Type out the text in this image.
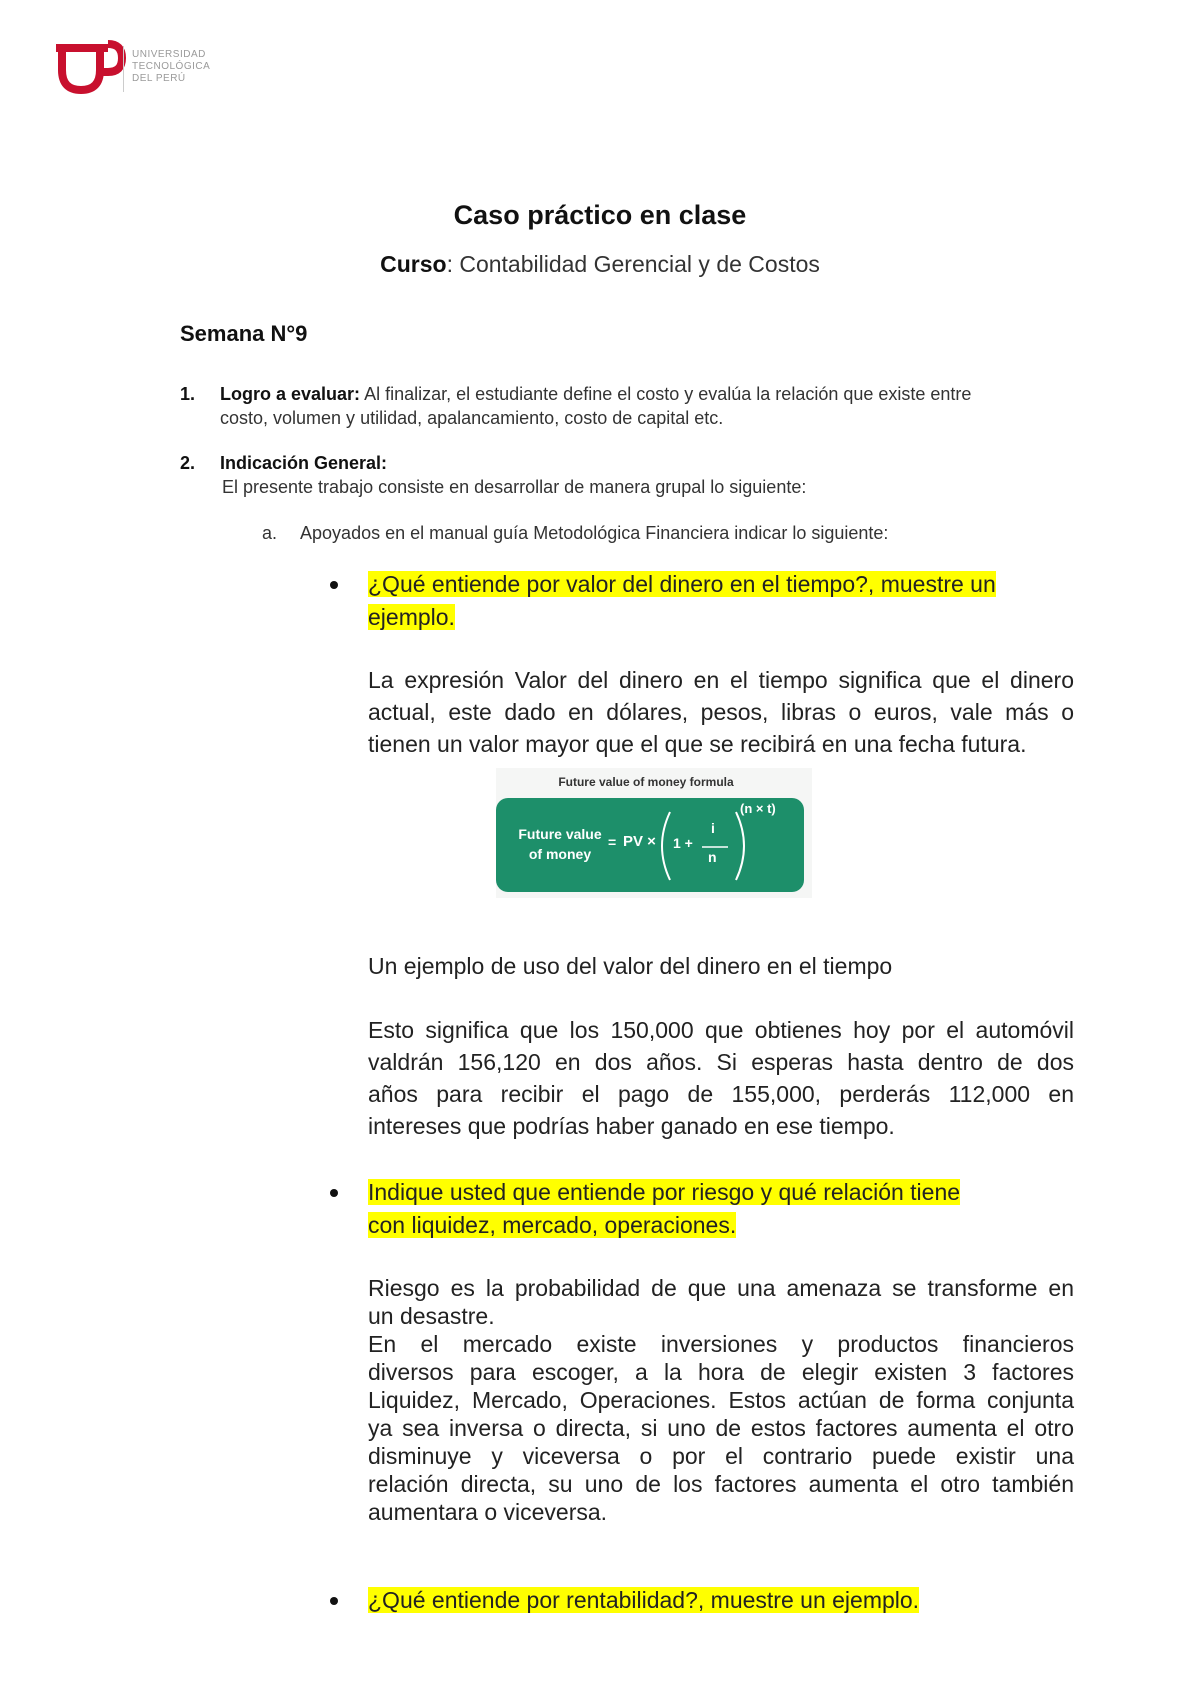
UNIVERSIDAD
TECNOLÓGICA
DEL PERÚ
Caso práctico en clase
Curso: Contabilidad Gerencial y de Costos
Semana N°9
1. Logro a evaluar: Al finalizar, el estudiante define el costo y evalúa la relación que existe entre
costo, volumen y utilidad, apalancamiento, costo de capital etc.
2. Indicación General:
El presente trabajo consiste en desarrollar de manera grupal lo siguiente:
a. Apoyados en el manual guía Metodológica Financiera indicar lo siguiente:
¿Qué entiende por valor del dinero en el tiempo?, muestre un
ejemplo.
La expresión Valor del dinero en el tiempo significa que el dinero
actual, este dado en dólares, pesos, libras o euros, vale más o
tienen un valor mayor que el que se recibirá en una fecha futura.
Future value of money formula
Future value
of money
= PV × 1 +
i
n
(n × t)
Un ejemplo de uso del valor del dinero en el tiempo
Esto significa que los 150,000 que obtienes hoy por el automóvil
valdrán 156,120 en dos años. Si esperas hasta dentro de dos
años para recibir el pago de 155,000, perderás 112,000 en
intereses que podrías haber ganado en ese tiempo.
Indique usted que entiende por riesgo y qué relación tiene
con liquidez, mercado, operaciones.
Riesgo es la probabilidad de que una amenaza se transforme en
un desastre.
En el mercado existe inversiones y productos financieros
diversos para escoger, a la hora de elegir existen 3 factores
Liquidez, Mercado, Operaciones. Estos actúan de forma conjunta
ya sea inversa o directa, si uno de estos factores aumenta el otro
disminuye y viceversa o por el contrario puede existir una
relación directa, su uno de los factores aumenta el otro también
aumentara o viceversa.
¿Qué entiende por rentabilidad?, muestre un ejemplo.
